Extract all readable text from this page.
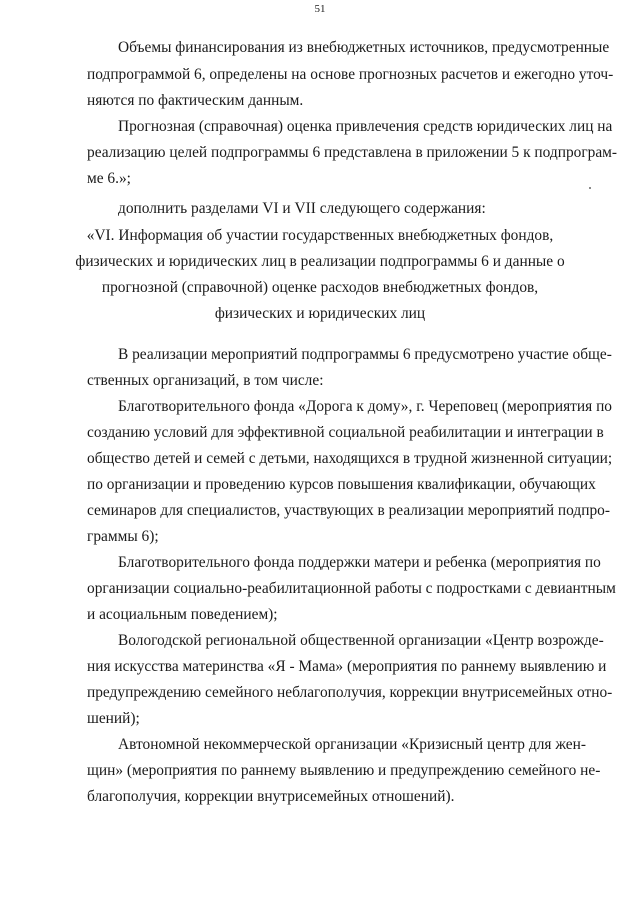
51
Объемы финансирования из внебюджетных источников, предусмотренные
подпрограммой 6, определены на основе прогнозных расчетов и ежегодно уточ-
няются по фактическим данным.
Прогнозная (справочная) оценка привлечения средств юридических лиц на
реализацию целей подпрограммы 6 представлена в приложении 5 к подпрограм-
ме 6.»;
дополнить разделами VI и VII следующего содержания:
«VI. Информация об участии государственных внебюджетных фондов,
физических и юридических лиц в реализации подпрограммы 6 и данные о
прогнозной (справочной) оценке расходов внебюджетных фондов,
физических и юридических лиц
В реализации мероприятий подпрограммы 6 предусмотрено участие обще-
ственных организаций, в том числе:
Благотворительного фонда «Дорога к дому», г. Череповец (мероприятия по
созданию условий для эффективной социальной реабилитации и интеграции в
общество детей и семей с детьми, находящихся в трудной жизненной ситуации;
по организации и проведению курсов повышения квалификации, обучающих
семинаров для специалистов, участвующих в реализации мероприятий подпро-
граммы 6);
Благотворительного фонда поддержки матери и ребенка (мероприятия по
организации социально-реабилитационной работы с подростками с девиантным
и асоциальным поведением);
Вологодской региональной общественной организации «Центр возрожде-
ния искусства материнства «Я - Мама» (мероприятия по раннему выявлению и
предупреждению семейного неблагополучия, коррекции внутрисемейных отно-
шений);
Автономной некоммерческой организации «Кризисный центр для жен-
щин» (мероприятия по раннему выявлению и предупреждению семейного не-
благополучия, коррекции внутрисемейных отношений).
